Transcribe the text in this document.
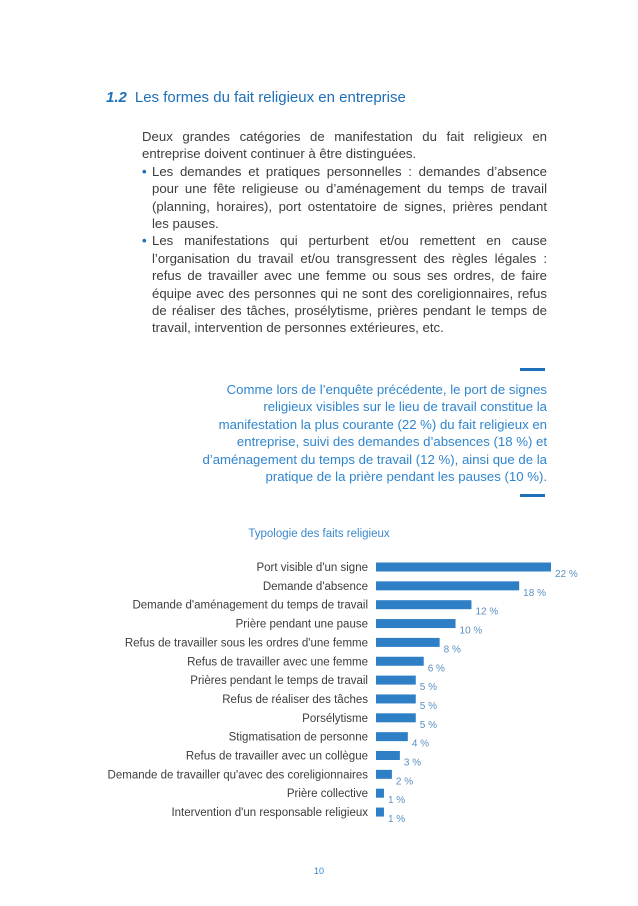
1.2 Les formes du fait religieux en entreprise

Deux grandes catégories de manifestation du fait religieux en entreprise doivent continuer à être distinguées.

• Les demandes et pratiques personnelles : demandes d’absence pour une fête religieuse ou d’aménagement du temps de travail (planning, horaires), port ostentatoire de signes, prières pendant les pauses.

• Les manifestations qui perturbent et/ou remettent en cause l’organisation du travail et/ou transgressent des règles légales : refus de travailler avec une femme ou sous ses ordres, de faire équipe avec des personnes qui ne sont des coreligionnaires, refus de réaliser des tâches, prosélytisme, prières pendant le temps de travail, intervention de personnes extérieures, etc.

Comme lors de l’enquête précédente, le port de signes religieux visibles sur le lieu de travail constitue la manifestation la plus courante (22 %) du fait religieux en entreprise, suivi des demandes d’absences (18 %) et d’aménagement du temps de travail (12 %), ainsi que de la pratique de la prière pendant les pauses (10 %).

Typologie des faits religieux
Port visible d'un signe
22 %
Demande d'absence
18 %
Demande d'aménagement du temps de travail
12 %
Prière pendant une pause
10 %
Refus de travailler sous les ordres d'une femme
8 %
Refus de travailler avec une femme
6 %
Prières pendant le temps de travail
5 %
Refus de réaliser des tâches
5 %
Porsélytisme
5 %
Stigmatisation de personne
4 %
Refus de travailler avec un collègue
3 %
Demande de travailler qu'avec des coreligionnaires
2 %
Prière collective
1 %
Intervention d'un responsable religieux
1 %
10
